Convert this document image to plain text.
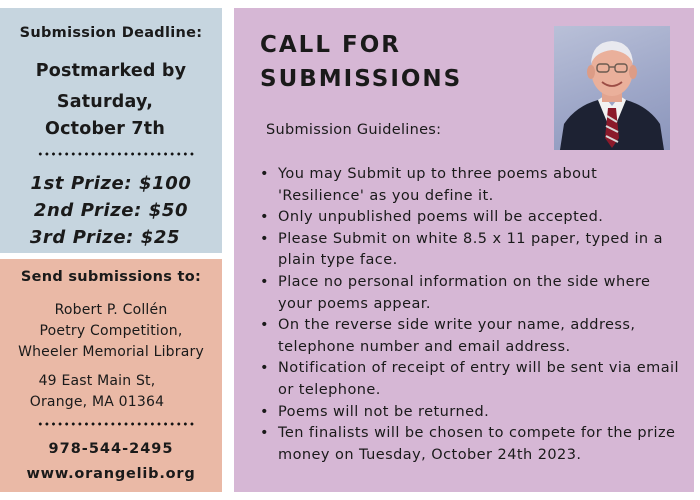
Submission Deadline:
Postmarked by
Saturday,
October 7th
1st Prize: $100
2nd Prize: $50
3rd Prize: $25
Send submissions to:
Robert P. Collén
Poetry Competition,
Wheeler Memorial Library
49 East Main St,
Orange, MA 01364
978-544-2495
www.orangelib.org
CALL FOR
SUBMISSIONS
Submission Guidelines:
• You may Submit up to three poems about 'Resilience' as you define it.
• Only unpublished poems will be accepted.
• Please Submit on white 8.5 x 11 paper, typed in a plain type face.
• Place no personal information on the side where your poems appear.
• On the reverse side write your name, address, telephone number and email address.
• Notification of receipt of entry will be sent via email or telephone.
• Poems will not be returned.
• Ten finalists will be chosen to compete for the prize money on Tuesday, October 24th 2023.
